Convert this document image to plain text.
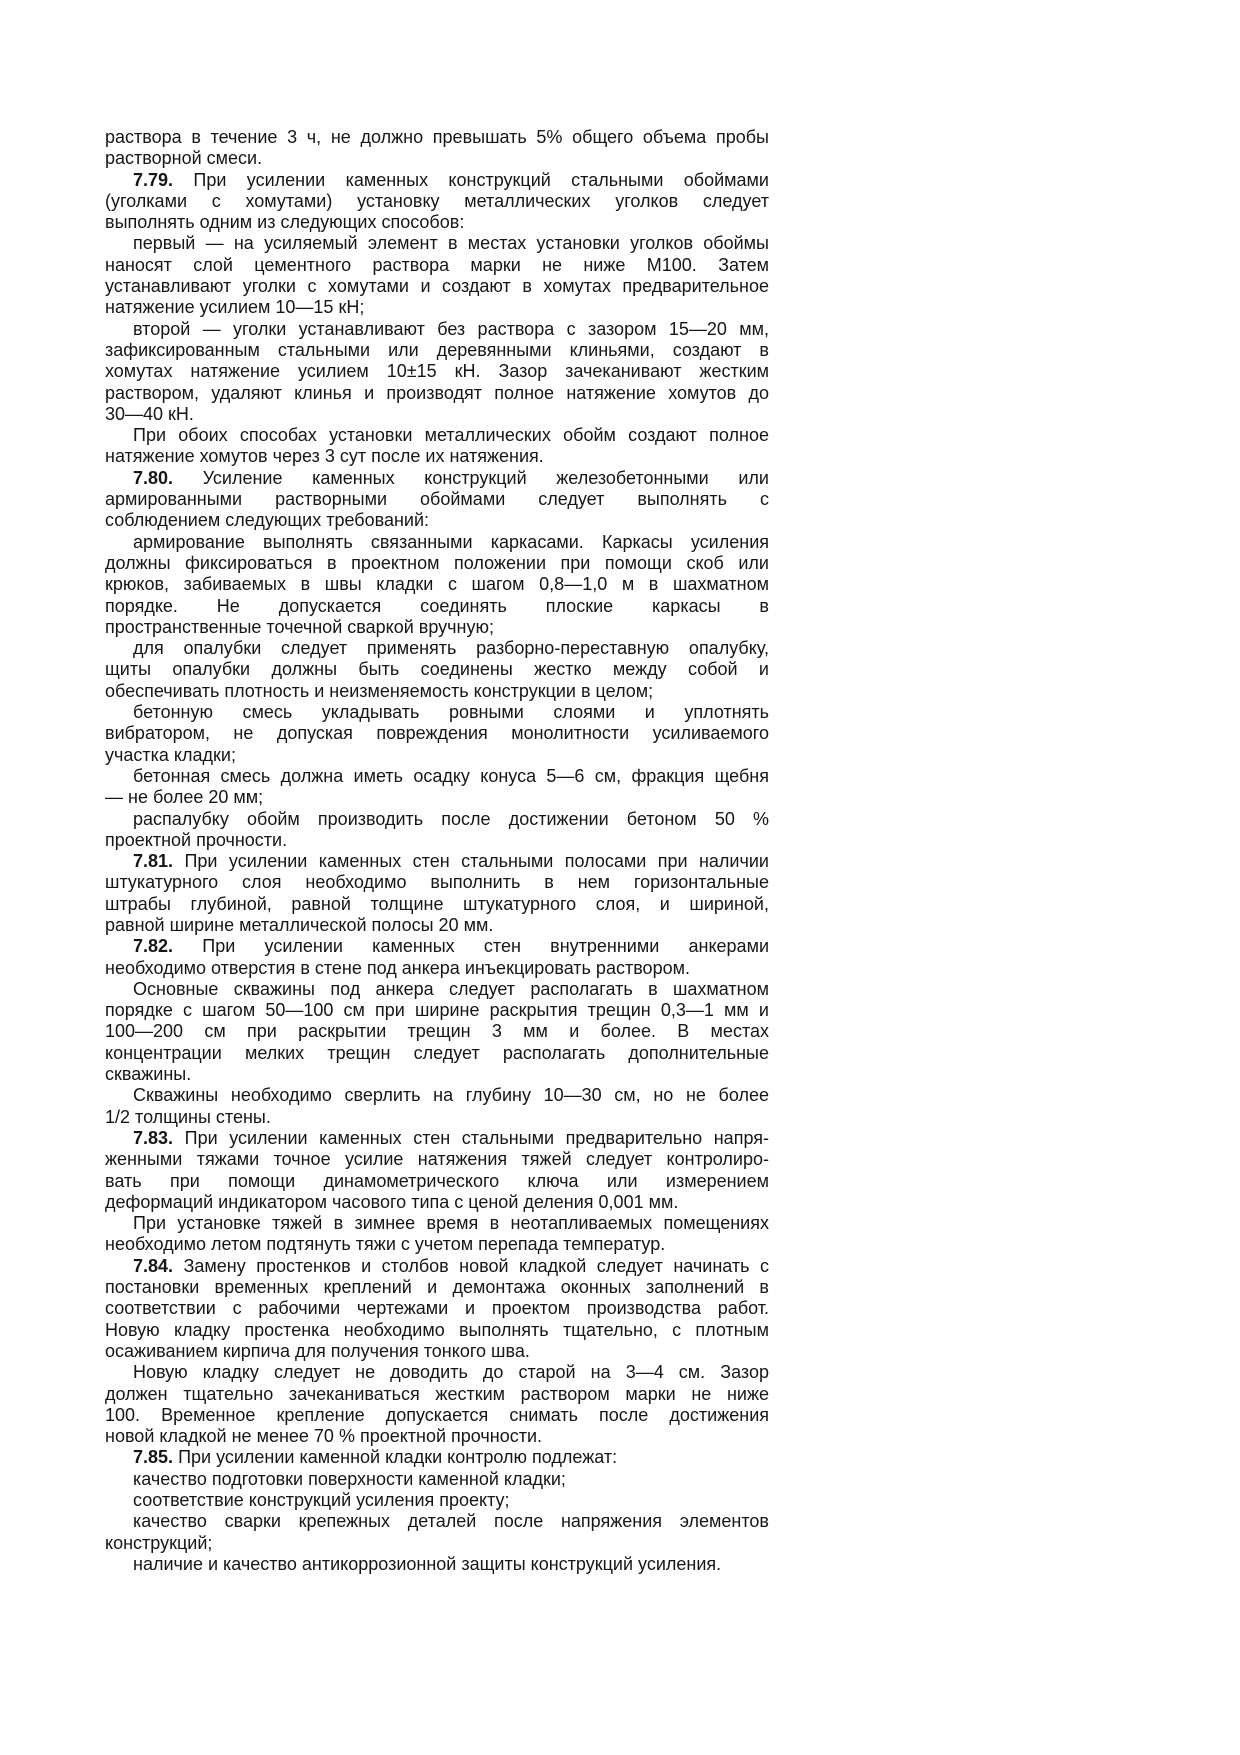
раствора в течение 3 ч, не должно превышать 5% общего объема пробы
растворной смеси.

7.79. При усилении каменных конструкций стальными обоймами
(уголками с хомутами) установку металлических уголков следует
выполнять одним из следующих способов:

первый — на усиляемый элемент в местах установки уголков обоймы
наносят слой цементного раствора марки не ниже М100. Затем
устанавливают уголки с хомутами и создают в хомутах предварительное
натяжение усилием 10—15 кН;

второй — уголки устанавливают без раствора с зазором 15—20 мм,
зафиксированным стальными или деревянными клиньями, создают в
хомутах натяжение усилием 10±15 кН. Зазор зачеканивают жестким
раствором, удаляют клинья и производят полное натяжение хомутов до
30—40 кН.

При обоих способах установки металлических обойм создают полное
натяжение хомутов через 3 сут после их натяжения.

7.80. Усиление каменных конструкций железобетонными или
армированными растворными обоймами следует выполнять с
соблюдением следующих требований:

армирование выполнять связанными каркасами. Каркасы усиления
должны фиксироваться в проектном положении при помощи скоб или
крюков, забиваемых в швы кладки с шагом 0,8—1,0 м в шахматном
порядке. Не допускается соединять плоские каркасы в
пространственные точечной сваркой вручную;

для опалубки следует применять разборно-переставную опалубку,
щиты опалубки должны быть соединены жестко между собой и
обеспечивать плотность и неизменяемость конструкции в целом;

бетонную смесь укладывать ровными слоями и уплотнять
вибратором, не допуская повреждения монолитности усиливаемого
участка кладки;

бетонная смесь должна иметь осадку конуса 5—6 см, фракция щебня
— не более 20 мм;

распалубку обойм производить после достижении бетоном 50 %
проектной прочности.

7.81. При усилении каменных стен стальными полосами при наличии
штукатурного слоя необходимо выполнить в нем горизонтальные
штрабы глубиной, равной толщине штукатурного слоя, и шириной,
равной ширине металлической полосы 20 мм.

7.82. При усилении каменных стен внутренними анкерами
необходимо отверстия в стене под анкера инъекцировать раствором.

Основные скважины под анкера следует располагать в шахматном
порядке с шагом 50—100 см при ширине раскрытия трещин 0,3—1 мм и
100—200 см при раскрытии трещин 3 мм и более. В местах
концентрации мелких трещин следует располагать дополнительные
скважины.

Скважины необходимо сверлить на глубину 10—30 см, но не более
1/2 толщины стены.

7.83. При усилении каменных стен стальными предварительно напря-
женными тяжами точное усилие натяжения тяжей следует контролиро-
вать при помощи динамометрического ключа или измерением
деформаций индикатором часового типа с ценой деления 0,001 мм.

При установке тяжей в зимнее время в неотапливаемых помещениях
необходимо летом подтянуть тяжи с учетом перепада температур.

7.84. Замену простенков и столбов новой кладкой следует начинать с
постановки временных креплений и демонтажа оконных заполнений в
соответствии с рабочими чертежами и проектом производства работ.
Новую кладку простенка необходимо выполнять тщательно, с плотным
осаживанием кирпича для получения тонкого шва.

Новую кладку следует не доводить до старой на 3—4 см. Зазор
должен тщательно зачеканиваться жестким раствором марки не ниже
100. Временное крепление допускается снимать после достижения
новой кладкой не менее 70 % проектной прочности.

7.85. При усилении каменной кладки контролю подлежат:

качество подготовки поверхности каменной кладки;

соответствие конструкций усиления проекту;

качество сварки крепежных деталей после напряжения элементов
конструкций;

наличие и качество антикоррозионной защиты конструкций усиления.
